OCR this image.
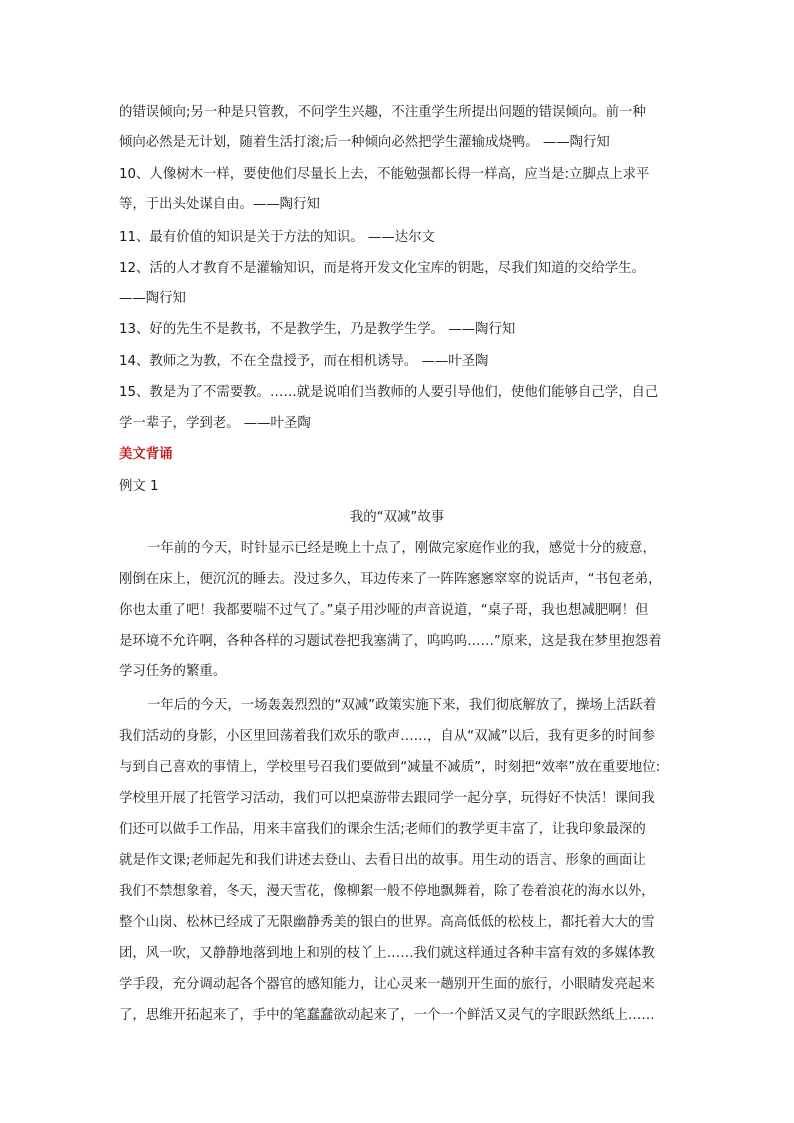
的错误倾向;另一种是只管教，不问学生兴趣，不注重学生所提出问题的错误倾向。前一种
倾向必然是无计划，随着生活打滚;后一种倾向必然把学生灌输成烧鸭。 ——陶行知
10、人像树木一样，要使他们尽量长上去，不能勉强都长得一样高，应当是:立脚点上求平
等，于出头处谋自由。——陶行知
11、最有价值的知识是关于方法的知识。 ——达尔文
12、活的人才教育不是灌输知识，而是将开发文化宝库的钥匙，尽我们知道的交给学生。
——陶行知
13、好的先生不是教书，不是教学生，乃是教学生学。 ——陶行知
14、教师之为教，不在全盘授予，而在相机诱导。 ——叶圣陶
15、教是为了不需要教。……就是说咱们当教师的人要引导他们，使他们能够自己学，自己
学一辈子，学到老。 ——叶圣陶
美文背诵
例文 1
我的“双减”故事
一年前的今天，时针显示已经是晚上十点了，刚做完家庭作业的我，感觉十分的疲意，
刚倒在床上，便沉沉的睡去。没过多久，耳边传来了一阵阵窸窸窣窣的说话声，“书包老弟，
你也太重了吧！我都要喘不过气了。”桌子用沙哑的声音说道，“桌子哥，我也想减肥啊！但
是环境不允许啊，各种各样的习题试卷把我塞满了，呜呜呜……”原来，这是我在梦里抱怨着
学习任务的繁重。
一年后的今天，一场轰轰烈烈的“双减”政策实施下来，我们彻底解放了，操场上活跃着
我们活动的身影，小区里回荡着我们欢乐的歌声……，自从“双减”以后，我有更多的时间参
与到自己喜欢的事情上，学校里号召我们要做到“减量不减质”，时刻把“效率”放在重要地位:
学校里开展了托管学习活动，我们可以把桌游带去跟同学一起分享，玩得好不快活！课间我
们还可以做手工作品，用来丰富我们的课余生活;老师们的教学更丰富了，让我印象最深的
就是作文课;老师起先和我们讲述去登山、去看日出的故事。用生动的语言、形象的画面让
我们不禁想象着，冬天，漫天雪花，像柳絮一般不停地飘舞着，除了卷着浪花的海水以外，
整个山岗、松林已经成了无限幽静秀美的银白的世界。高高低低的松枝上，都托着大大的雪
团，风一吹，又静静地落到地上和别的枝丫上……我们就这样通过各种丰富有效的多媒体教
学手段，充分调动起各个器官的感知能力，让心灵来一趟别开生面的旅行，小眼睛发亮起来
了，思维开拓起来了，手中的笔蠢蠢欲动起来了，一个一个鲜活又灵气的字眼跃然纸上……
